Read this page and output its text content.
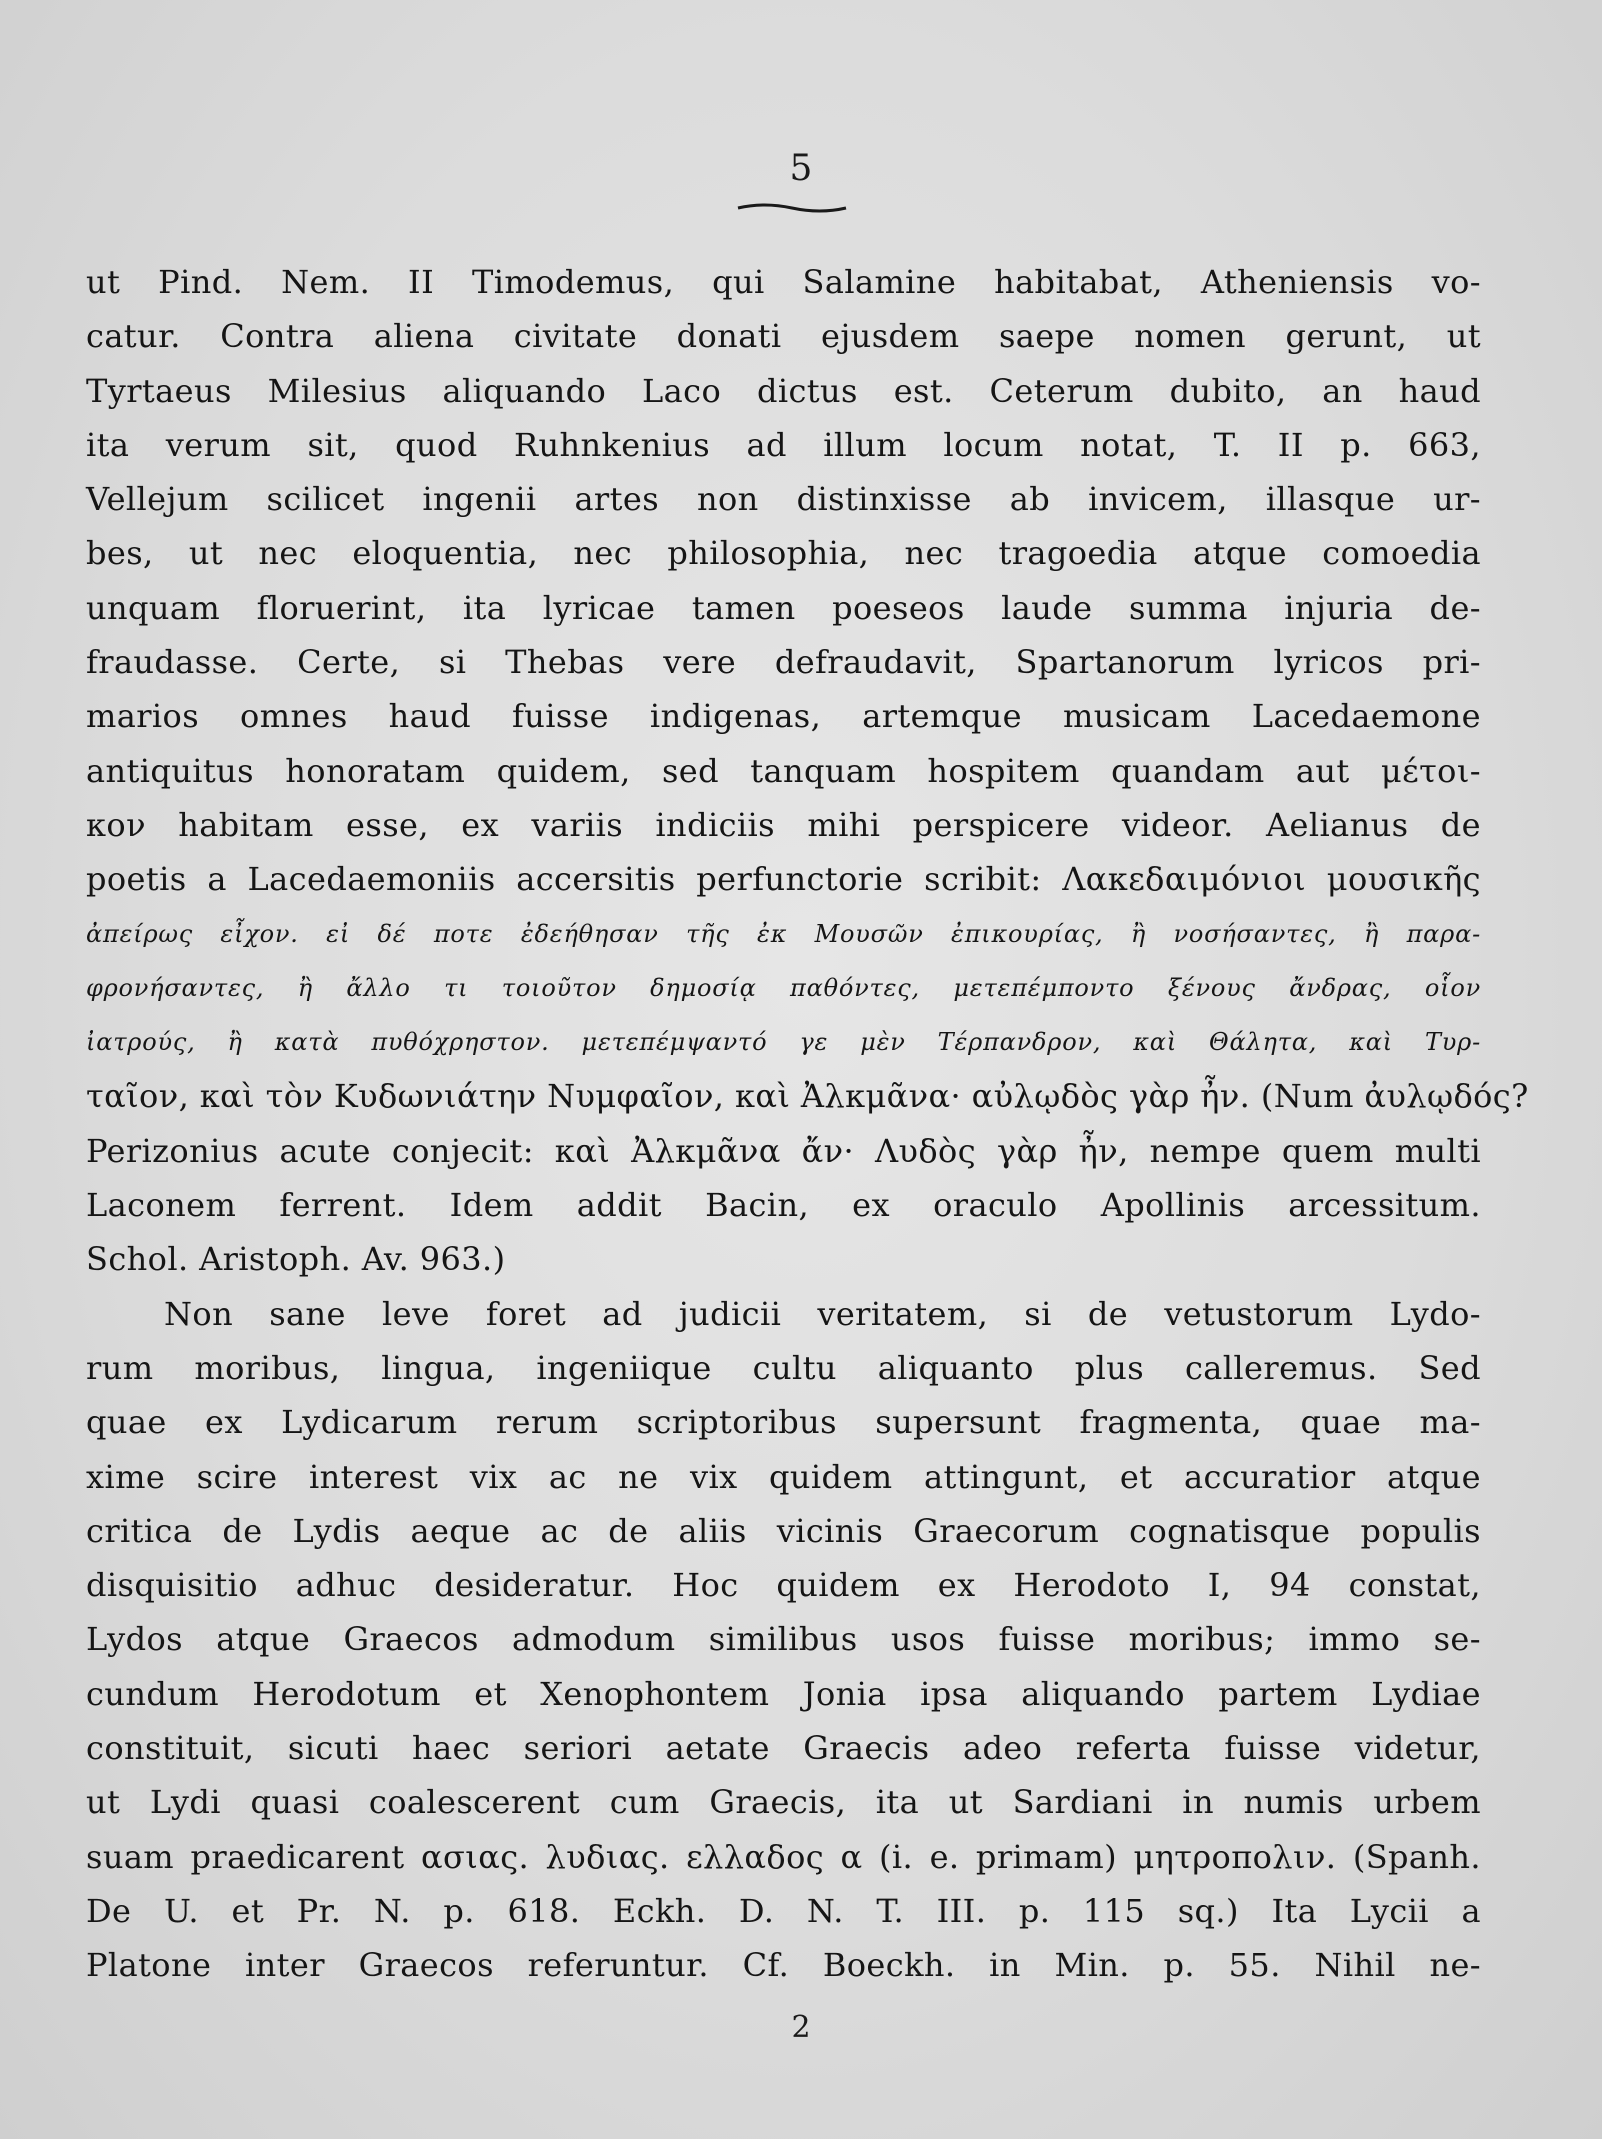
5
ut Pind. Nem. II Timodemus, qui Salamine habitabat, Atheniensis vo-
catur. Contra aliena civitate donati ejusdem saepe nomen gerunt, ut
Tyrtaeus Milesius aliquando Laco dictus est. Ceterum dubito, an haud
ita verum sit, quod Ruhnkenius ad illum locum notat, T. II p. 663,
Vellejum scilicet ingenii artes non distinxisse ab invicem, illasque ur-
bes, ut nec eloquentia, nec philosophia, nec tragoedia atque comoedia
unquam floruerint, ita lyricae tamen poeseos laude summa injuria de-
fraudasse. Certe, si Thebas vere defraudavit, Spartanorum lyricos pri-
marios omnes haud fuisse indigenas, artemque musicam Lacedaemone
antiquitus honoratam quidem, sed tanquam hospitem quandam aut μέτοι-
κον habitam esse, ex variis indiciis mihi perspicere videor. Aelianus de
poetis a Lacedaemoniis accersitis perfunctorie scribit: Λακεδαιμόνιοι μουσικῆς
ἀπείρως εἶχον. εἰ δέ ποτε ἐδεήθησαν τῆς ἐκ Μουσῶν ἐπικουρίας, ἢ νοσήσαντες, ἢ παρα-
φρονήσαντες, ἢ ἄλλο τι τοιοῦτον δημοσίᾳ παθόντες, μετεπέμποντο ξένους ἄνδρας, οἷον
ἰατρούς, ἢ κατὰ πυθόχρηστον. μετεπέμψαντό γε μὲν Τέρπανδρον, καὶ Θάλητα, καὶ Τυρ-
ταῖον, καὶ τὸν Κυδωνιάτην Νυμφαῖον, καὶ Ἀλκμᾶνα· αὐλῳδὸς γὰρ ἦν. (Num ἀυλῳδός?
Perizonius acute conjecit: καὶ Ἀλκμᾶνα ἄν· Λυδὸς γὰρ ἦν, nempe quem multi
Laconem ferrent. Idem addit Bacin, ex oraculo Apollinis arcessitum.
Schol. Aristoph. Av. 963.)
Non sane leve foret ad judicii veritatem, si de vetustorum Lydo-
rum moribus, lingua, ingeniique cultu aliquanto plus calleremus. Sed
quae ex Lydicarum rerum scriptoribus supersunt fragmenta, quae ma-
xime scire interest vix ac ne vix quidem attingunt, et accuratior atque
critica de Lydis aeque ac de aliis vicinis Graecorum cognatisque populis
disquisitio adhuc desideratur. Hoc quidem ex Herodoto I, 94 constat,
Lydos atque Graecos admodum similibus usos fuisse moribus; immo se-
cundum Herodotum et Xenophontem Jonia ipsa aliquando partem Lydiae
constituit, sicuti haec seriori aetate Graecis adeo referta fuisse videtur,
ut Lydi quasi coalescerent cum Graecis, ita ut Sardiani in numis urbem
suam praedicarent ασιας. λυδιας. ελλαδος α (i. e. primam) μητροπολιν. (Spanh.
De U. et Pr. N. p. 618. Eckh. D. N. T. III. p. 115 sq.) Ita Lycii a
Platone inter Graecos referuntur. Cf. Boeckh. in Min. p. 55. Nihil ne-
2
